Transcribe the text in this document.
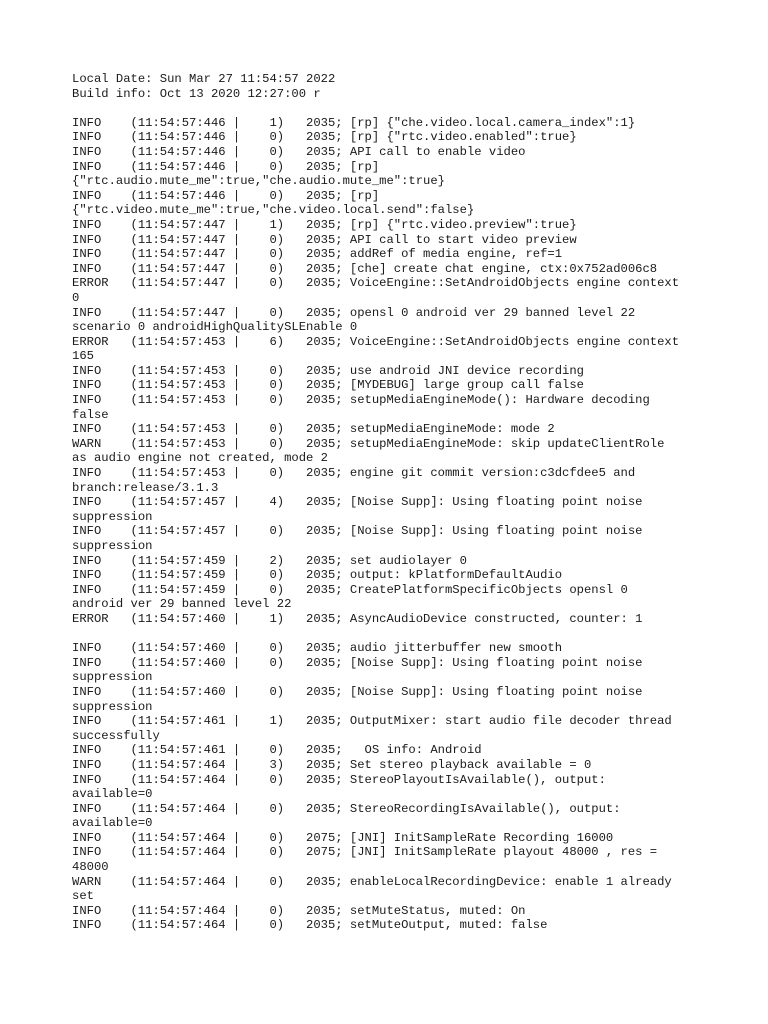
Local Date: Sun Mar 27 11:54:57 2022
Build info: Oct 13 2020 12:27:00 r
INFO    (11:54:57:446 |    1)   2035; [rp] {"che.video.local.camera_index":1}
INFO    (11:54:57:446 |    0)   2035; [rp] {"rtc.video.enabled":true}
INFO    (11:54:57:446 |    0)   2035; API call to enable video
INFO    (11:54:57:446 |    0)   2035; [rp]
{"rtc.audio.mute_me":true,"che.audio.mute_me":true}
INFO    (11:54:57:446 |    0)   2035; [rp]
{"rtc.video.mute_me":true,"che.video.local.send":false}
INFO    (11:54:57:447 |    1)   2035; [rp] {"rtc.video.preview":true}
INFO    (11:54:57:447 |    0)   2035; API call to start video preview
INFO    (11:54:57:447 |    0)   2035; addRef of media engine, ref=1
INFO    (11:54:57:447 |    0)   2035; [che] create chat engine, ctx:0x752ad006c8
ERROR   (11:54:57:447 |    0)   2035; VoiceEngine::SetAndroidObjects engine context
0
INFO    (11:54:57:447 |    0)   2035; opensl 0 android ver 29 banned level 22
scenario 0 androidHighQualitySLEnable 0
ERROR   (11:54:57:453 |    6)   2035; VoiceEngine::SetAndroidObjects engine context
165
INFO    (11:54:57:453 |    0)   2035; use android JNI device recording
INFO    (11:54:57:453 |    0)   2035; [MYDEBUG] large group call false
INFO    (11:54:57:453 |    0)   2035; setupMediaEngineMode(): Hardware decoding
false
INFO    (11:54:57:453 |    0)   2035; setupMediaEngineMode: mode 2
WARN    (11:54:57:453 |    0)   2035; setupMediaEngineMode: skip updateClientRole
as audio engine not created, mode 2
INFO    (11:54:57:453 |    0)   2035; engine git commit version:c3dcfdee5 and
branch:release/3.1.3
INFO    (11:54:57:457 |    4)   2035; [Noise Supp]: Using floating point noise
suppression
INFO    (11:54:57:457 |    0)   2035; [Noise Supp]: Using floating point noise
suppression
INFO    (11:54:57:459 |    2)   2035; set audiolayer 0
INFO    (11:54:57:459 |    0)   2035; output: kPlatformDefaultAudio
INFO    (11:54:57:459 |    0)   2035; CreatePlatformSpecificObjects opensl 0
android ver 29 banned level 22
ERROR   (11:54:57:460 |    1)   2035; AsyncAudioDevice constructed, counter: 1
INFO    (11:54:57:460 |    0)   2035; audio jitterbuffer new smooth
INFO    (11:54:57:460 |    0)   2035; [Noise Supp]: Using floating point noise
suppression
INFO    (11:54:57:460 |    0)   2035; [Noise Supp]: Using floating point noise
suppression
INFO    (11:54:57:461 |    1)   2035; OutputMixer: start audio file decoder thread
successfully
INFO    (11:54:57:461 |    0)   2035;   OS info: Android
INFO    (11:54:57:464 |    3)   2035; Set stereo playback available = 0
INFO    (11:54:57:464 |    0)   2035; StereoPlayoutIsAvailable(), output:
available=0
INFO    (11:54:57:464 |    0)   2035; StereoRecordingIsAvailable(), output:
available=0
INFO    (11:54:57:464 |    0)   2075; [JNI] InitSampleRate Recording 16000
INFO    (11:54:57:464 |    0)   2075; [JNI] InitSampleRate playout 48000 , res =
48000
WARN    (11:54:57:464 |    0)   2035; enableLocalRecordingDevice: enable 1 already
set
INFO    (11:54:57:464 |    0)   2035; setMuteStatus, muted: On
INFO    (11:54:57:464 |    0)   2035; setMuteOutput, muted: false
